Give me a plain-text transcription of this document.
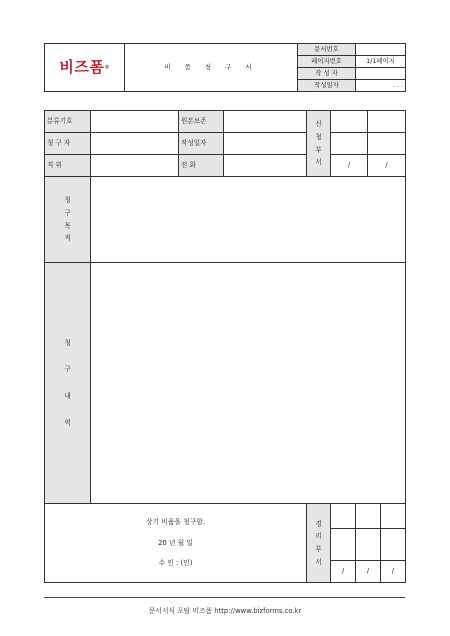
비즈폼®	비 품 청 구 서	문서번호	
		페이지번호	1/1페이지
		작 성 자	
		작성일자	. . .
분류기호		원본보존		신
청
부
서

청 구 자		작성일자			
직 위		전 화		/	/

청
구
목
적

청
구
내
역

상기 비품을 청구함.
20 년 월 일
수 인 : (인)

경
리
부
서

/	/	/

문서서식 포탈 비즈폼 http://www.bizforms.co.kr
